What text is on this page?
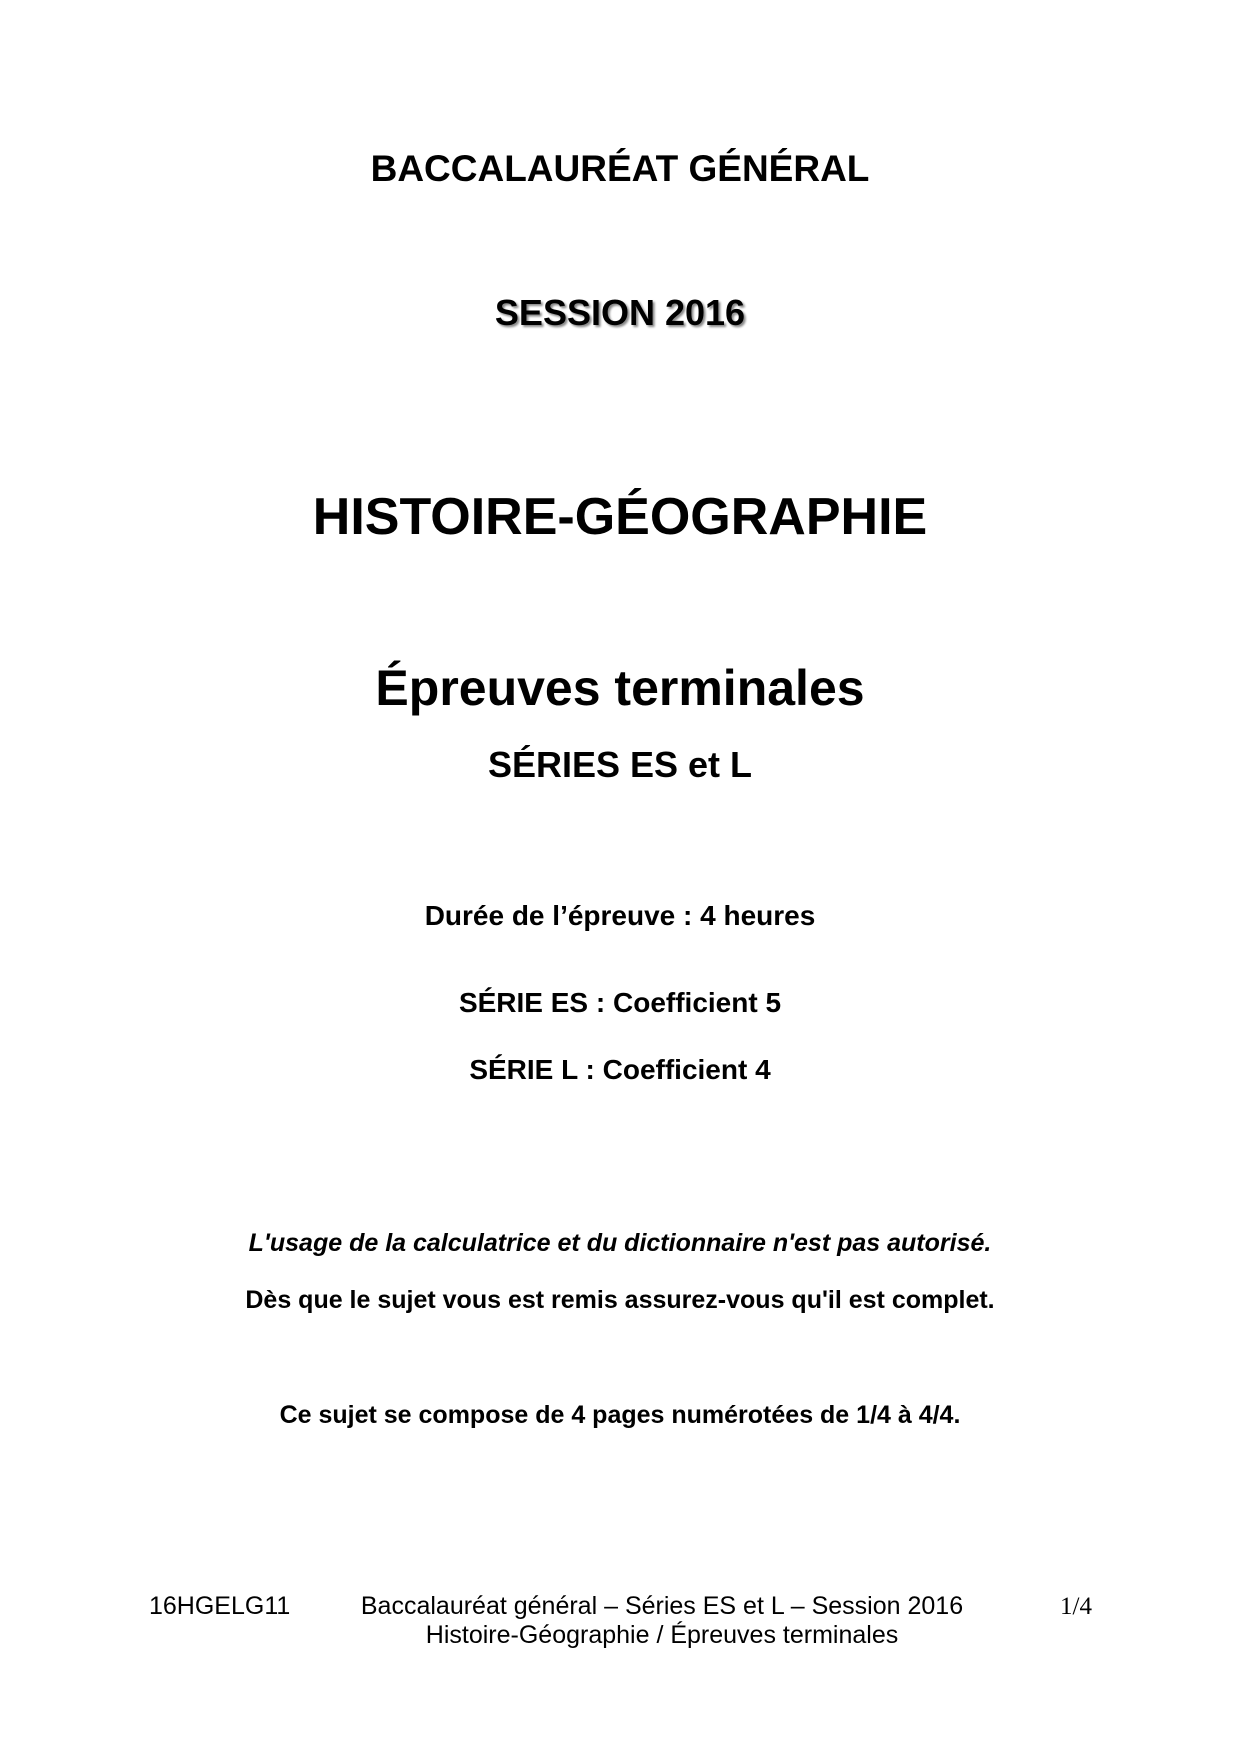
BACCALAURÉAT GÉNÉRAL
SESSION 2016
HISTOIRE-GÉOGRAPHIE
Épreuves terminales
SÉRIES ES et L
Durée de l’épreuve : 4 heures
SÉRIE ES : Coefficient 5
SÉRIE L : Coefficient 4
L'usage de la calculatrice et du dictionnaire n'est pas autorisé.
Dès que le sujet vous est remis assurez-vous qu'il est complet.
Ce sujet se compose de 4 pages numérotées de 1/4 à 4/4.
16HGELG11	Baccalauréat général – Séries ES et L – Session 2016
Histoire-Géographie / Épreuves terminales
1/4
